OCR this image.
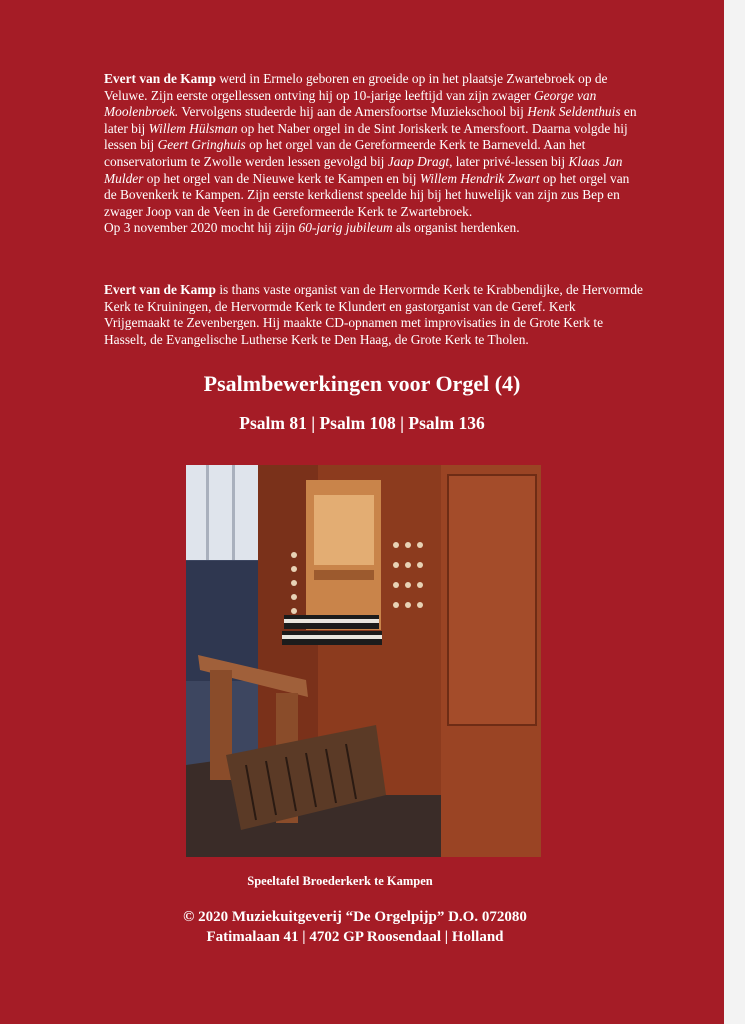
Evert van de Kamp werd in Ermelo geboren en groeide op in het plaatsje Zwartebroek op de Veluwe. Zijn eerste orgellessen ontving hij op 10-jarige leeftijd van zijn zwager George van Moolenbroek. Vervolgens studeerde hij aan de Amersfoortse Muziekschool bij Henk Seldenthuis en later bij Willem Hülsman op het Naber orgel in de Sint Joriskerk te Amersfoort. Daarna volgde hij lessen bij Geert Gringhuis op het orgel van de Gereformeerde Kerk te Barneveld. Aan het conservatorium te Zwolle werden lessen gevolgd bij Jaap Dragt, later privé-lessen bij Klaas Jan Mulder op het orgel van de Nieuwe kerk te Kampen en bij Willem Hendrik Zwart op het orgel van de Bovenkerk te Kampen. Zijn eerste kerkdienst speelde hij bij het huwelijk van zijn zus Bep en zwager Joop van de Veen in de Gereformeerde Kerk te Zwartebroek.
Op 3 november 2020 mocht hij zijn 60-jarig jubileum als organist herdenken.

Evert van de Kamp is thans vaste organist van de Hervormde Kerk te Krabbendijke, de Hervormde Kerk te Kruiningen, de Hervormde Kerk te Klundert en gastorganist van de Geref. Kerk Vrijgemaakt te Zevenbergen. Hij maakte CD-opnamen met improvisaties in de Grote Kerk te Hasselt, de Evangelische Lutherse Kerk te Den Haag, de Grote Kerk te Tholen.

Psalmbewerkingen voor Orgel (4)
Psalm 81 | Psalm 108 | Psalm 136
Speeltafel Broederkerk te Kampen
© 2020 Muziekuitgeverij “De Orgelpijp” D.O. 072080
Fatimalaan 41 | 4702 GP Roosendaal | Holland
